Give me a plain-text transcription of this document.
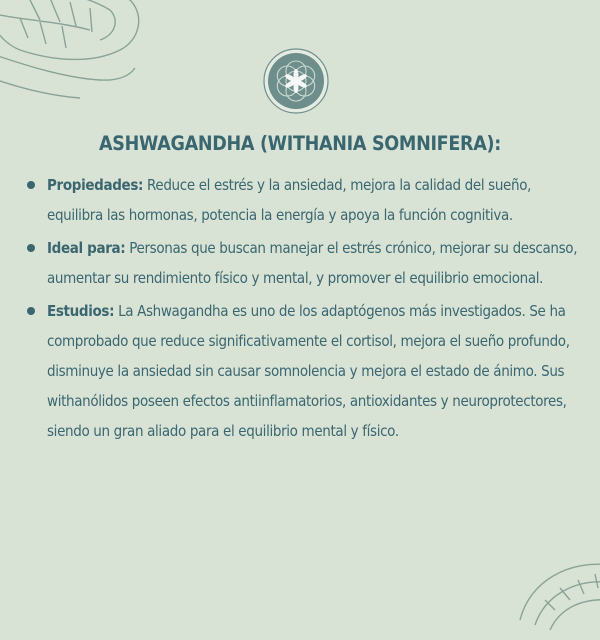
ASHWAGANDHA (WITHANIA SOMNIFERA):
Propiedades: Reduce el estrés y la ansiedad, mejora la calidad del sueño, equilibra las hormonas, potencia la energía y apoya la función cognitiva.
Ideal para: Personas que buscan manejar el estrés crónico, mejorar su descanso, aumentar su rendimiento físico y mental, y promover el equilibrio emocional.
Estudios: La Ashwagandha es uno de los adaptógenos más investigados. Se ha comprobado que reduce significativamente el cortisol, mejora el sueño profundo, disminuye la ansiedad sin causar somnolencia y mejora el estado de ánimo. Sus withanólidos poseen efectos antiinflamatorios, antioxidantes y neuroprotectores, siendo un gran aliado para el equilibrio mental y físico.
